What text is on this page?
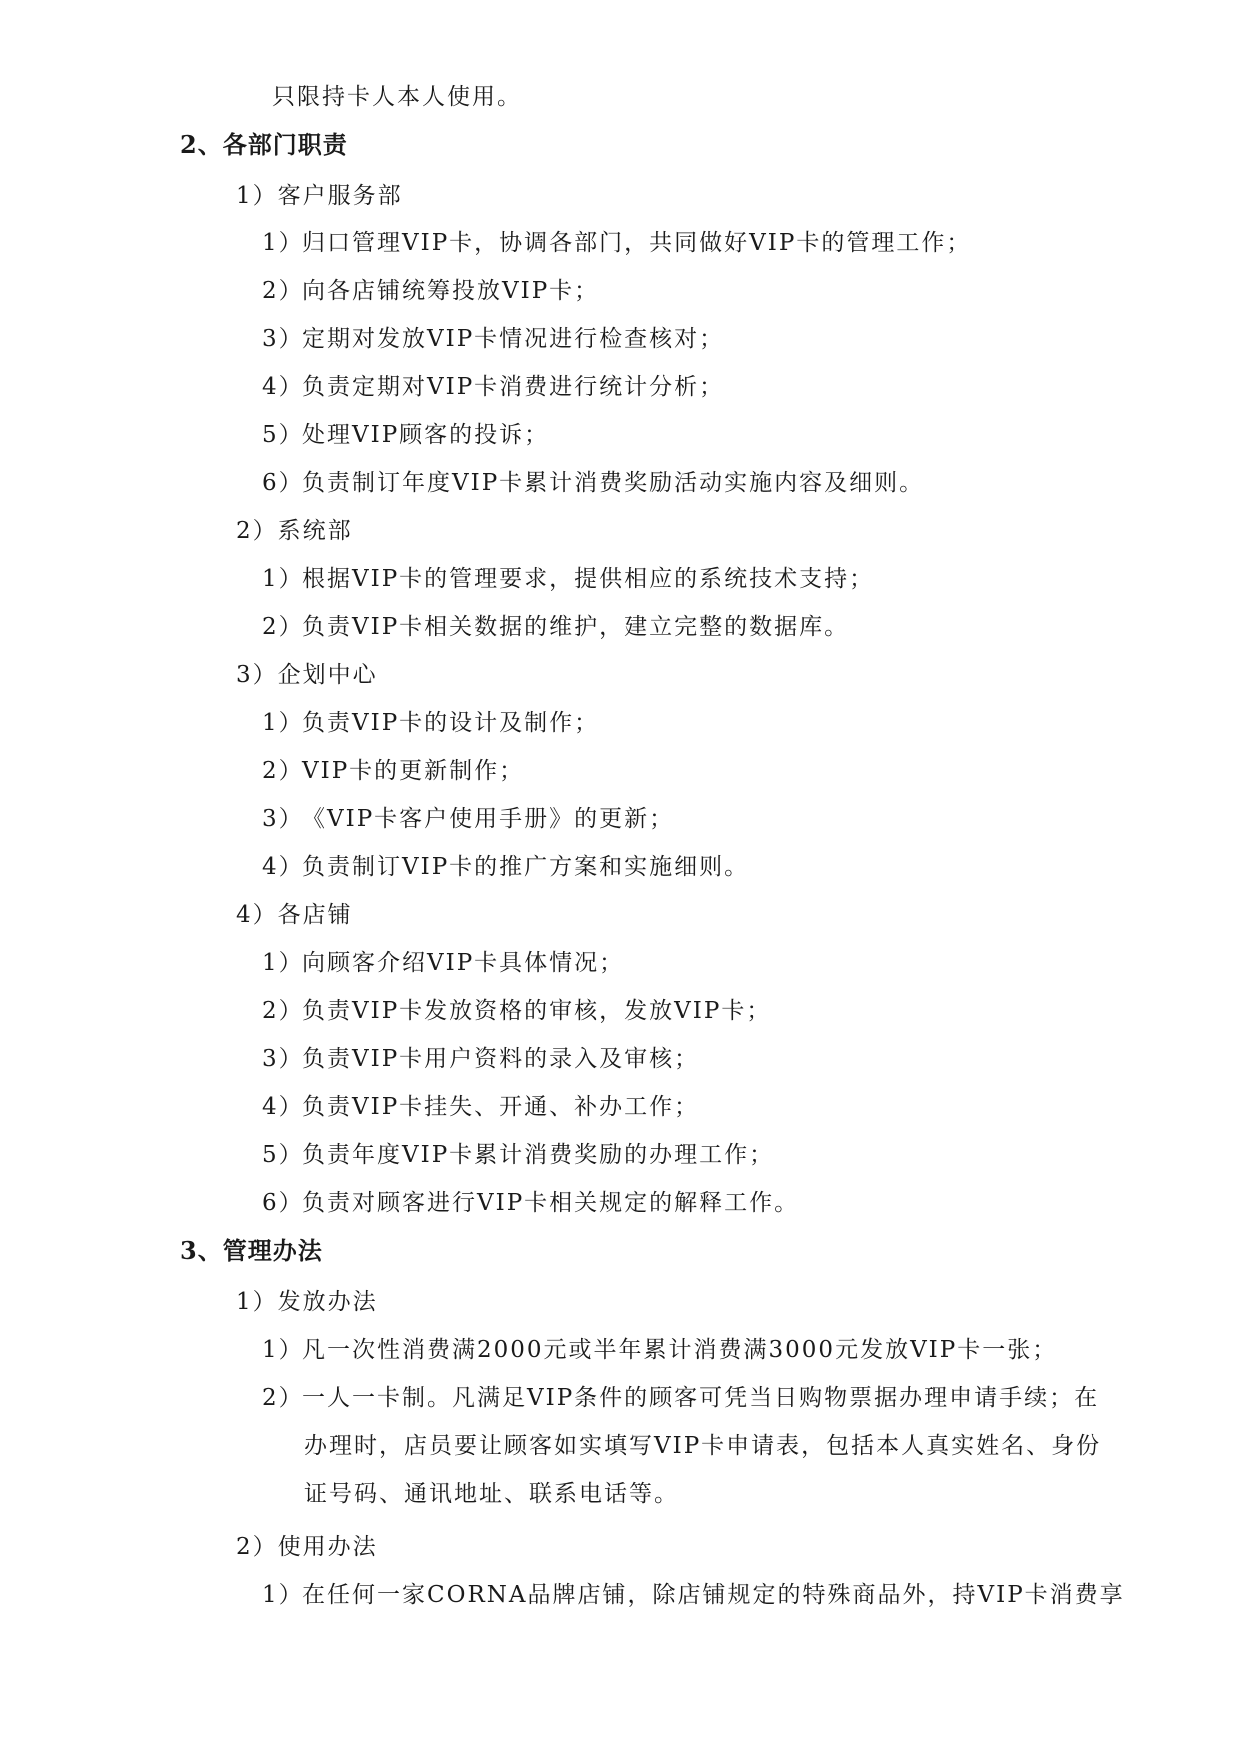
只限持卡人本人使用。
2、各部门职责
1）客户服务部
1）归口管理VIP卡，协调各部门，共同做好VIP卡的管理工作；
2）向各店铺统筹投放VIP卡；
3）定期对发放VIP卡情况进行检查核对；
4）负责定期对VIP卡消费进行统计分析；
5）处理VIP顾客的投诉；
6）负责制订年度VIP卡累计消费奖励活动实施内容及细则。
2）系统部
1）根据VIP卡的管理要求，提供相应的系统技术支持；
2）负责VIP卡相关数据的维护，建立完整的数据库。
3）企划中心
1）负责VIP卡的设计及制作；
2）VIP卡的更新制作；
3）《VIP卡客户使用手册》的更新；
4）负责制订VIP卡的推广方案和实施细则。
4）各店铺
1）向顾客介绍VIP卡具体情况；
2）负责VIP卡发放资格的审核，发放VIP卡；
3）负责VIP卡用户资料的录入及审核；
4）负责VIP卡挂失、开通、补办工作；
5）负责年度VIP卡累计消费奖励的办理工作；
6）负责对顾客进行VIP卡相关规定的解释工作。
3、管理办法
1）发放办法
1）凡一次性消费满2000元或半年累计消费满3000元发放VIP卡一张；
2）一人一卡制。凡满足VIP条件的顾客可凭当日购物票据办理申请手续；在
办理时，店员要让顾客如实填写VIP卡申请表，包括本人真实姓名、身份
证号码、通讯地址、联系电话等。
2）使用办法
1）在任何一家CORNA品牌店铺，除店铺规定的特殊商品外，持VIP卡消费享
